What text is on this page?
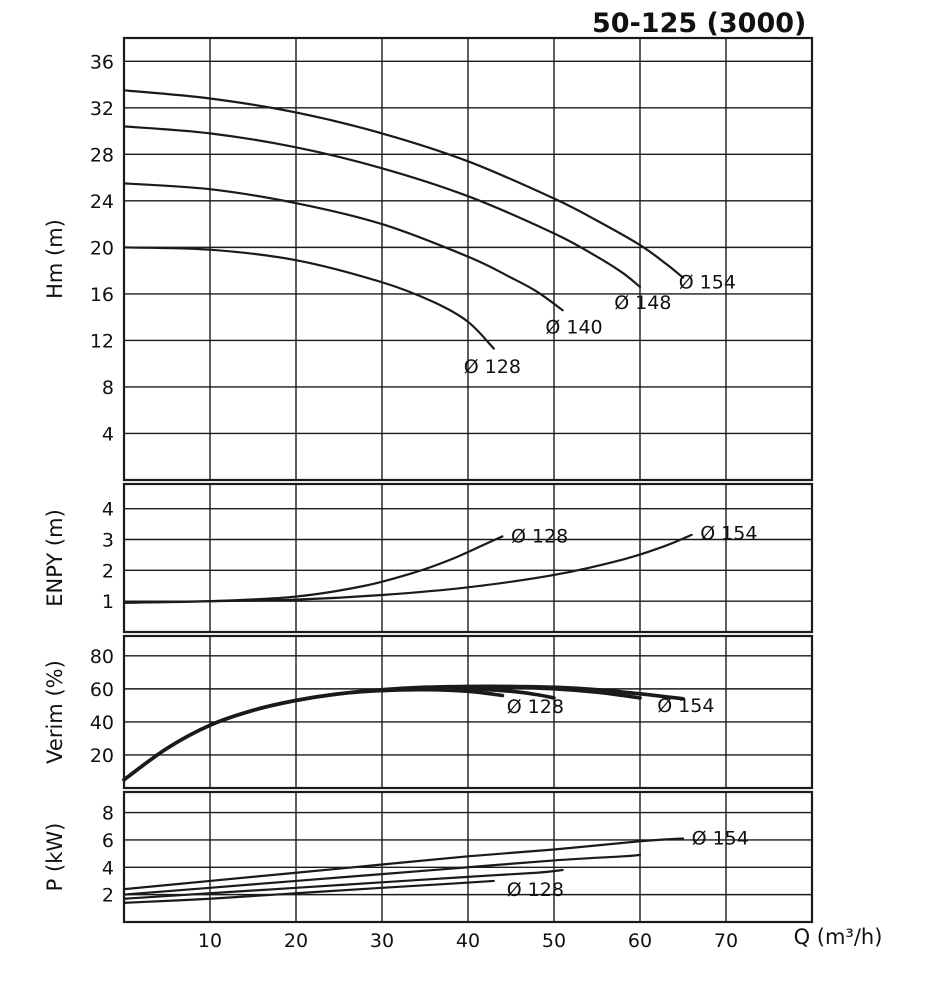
50-125 (3000)
4
8
12
16
20
24
28
32
36
Hm (m)
1
2
3
4
ENPY (m)
20
40
60
80
Verim (%)
2
4
6
8
P (kW)
Ø 154
Ø 148
Ø 140
Ø 128
Ø 128	Ø 154
Ø 128	Ø 154
Ø 154
Ø 128
10	20	30	40	50	60	70	Q (m³/h)
